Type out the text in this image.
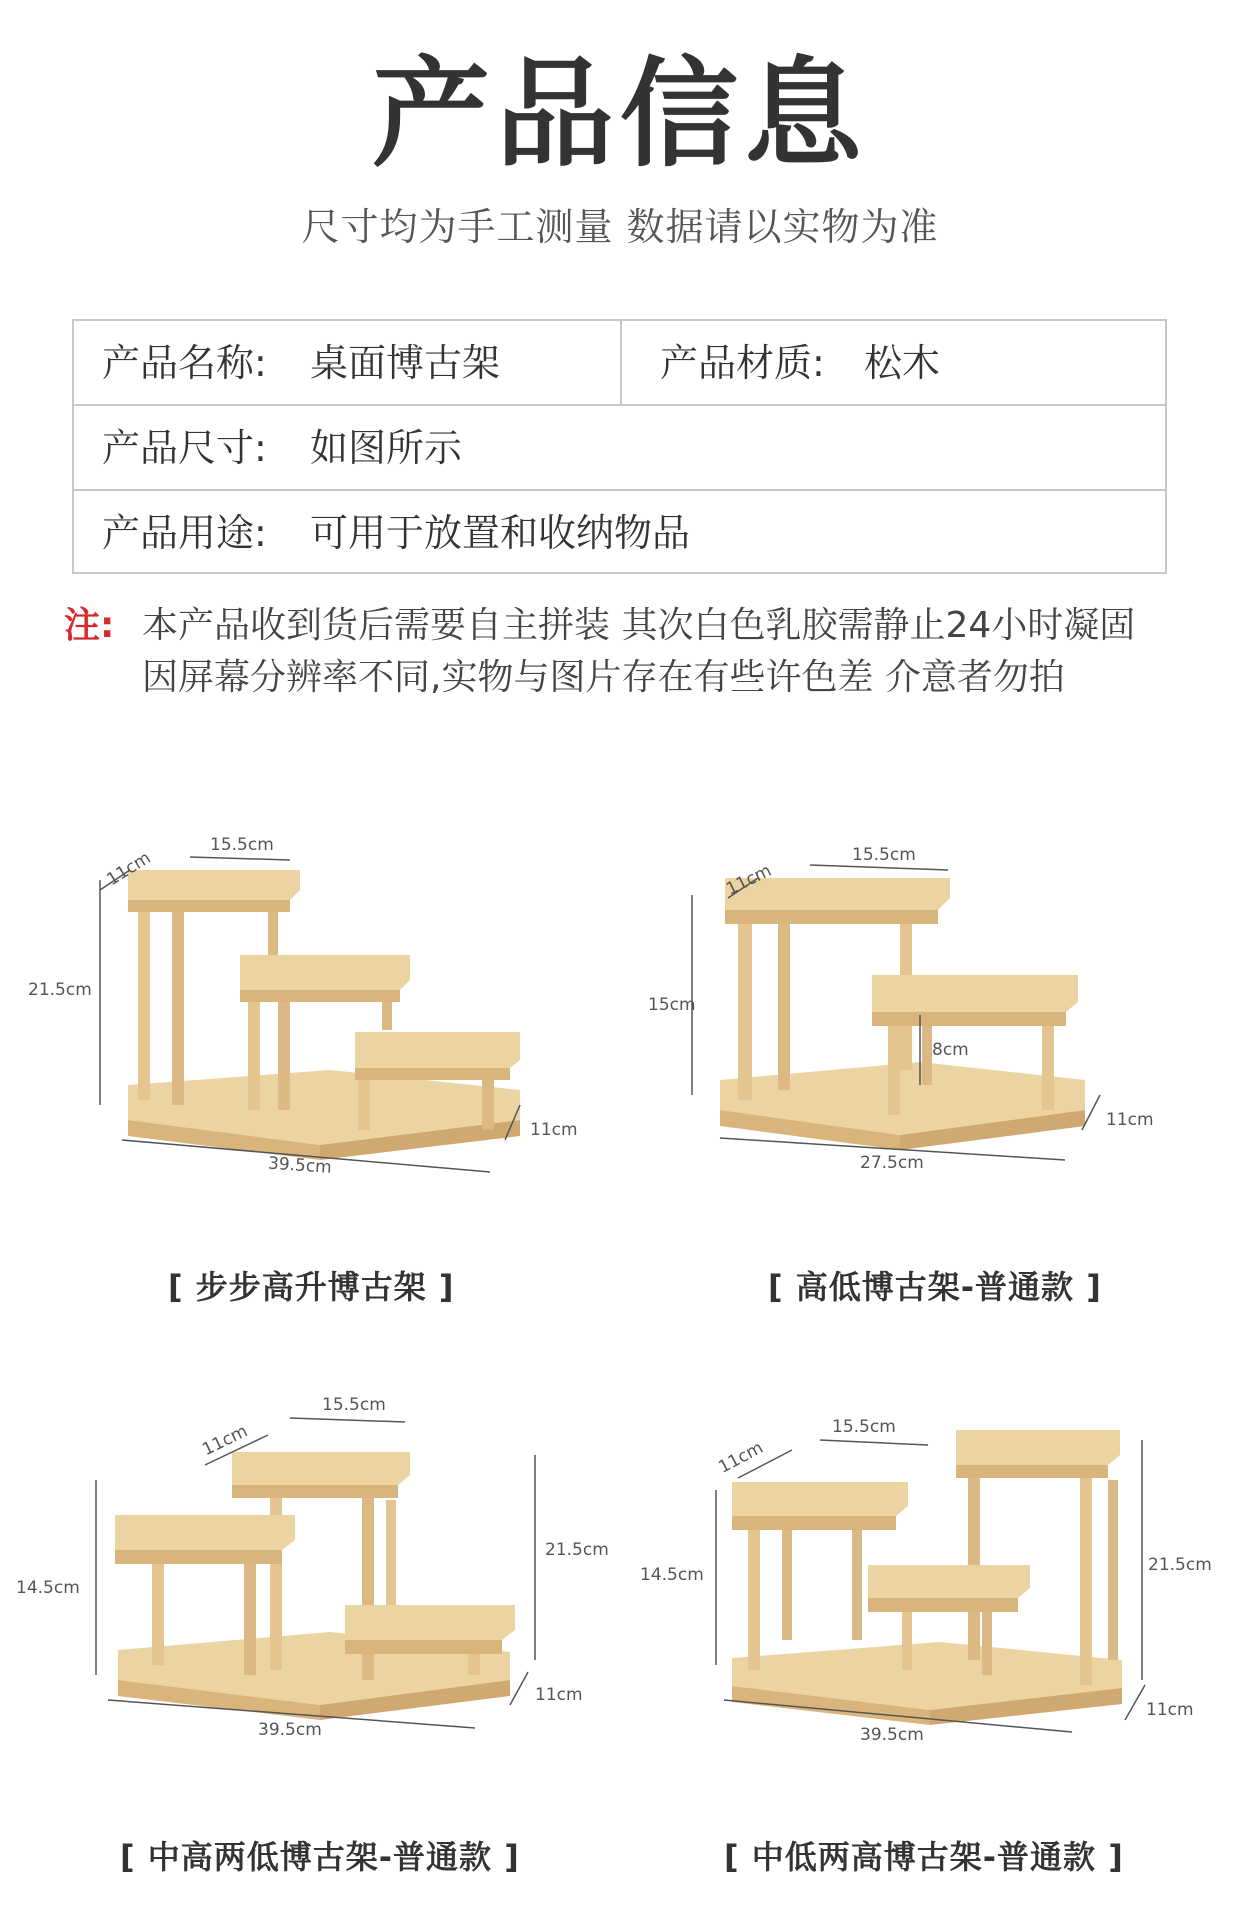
产品信息
尺寸均为手工测量 数据请以实物为准
产品名称: 桌面博古架	产品材质: 松木
产品尺寸: 如图所示
产品用途: 可用于放置和收纳物品
注: 本产品收到货后需要自主拼装 其次白色乳胶需静止24小时凝固
因屏幕分辨率不同,实物与图片存在有些许色差 介意者勿拍
11cm
15.5cm
21.5cm
39.5cm
11cm
[ 步步高升博古架 ]
11cm
15.5cm
15cm
8cm
27.5cm
11cm
[ 高低博古架-普通款 ]
11cm
15.5cm
14.5cm
21.5cm
39.5cm
11cm
[ 中高两低博古架-普通款 ]
11cm
15.5cm
14.5cm	21.5cm
39.5cm
11cm
[ 中低两高博古架-普通款 ]
